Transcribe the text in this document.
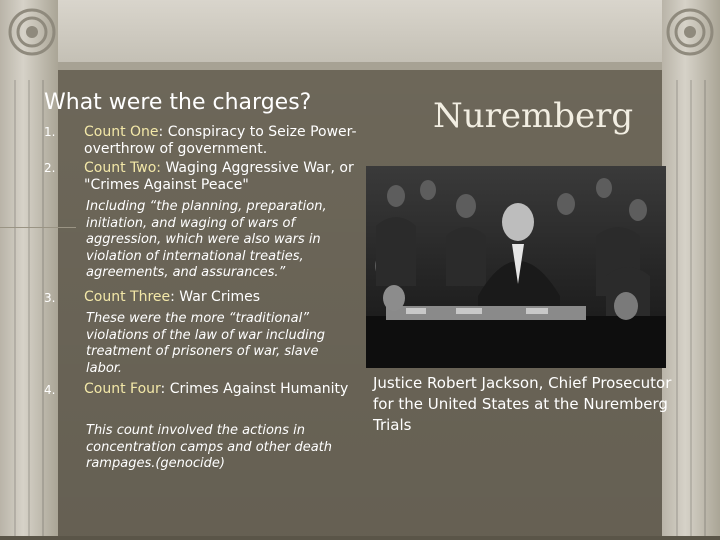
What were the charges?	Nuremberg
1. Count One: Conspiracy to Seize Power-overthrow of government.
2. Count Two: Waging Aggressive War, or "Crimes Against Peace"
Including “the planning, preparation, initiation, and waging of wars of aggression, which were also wars in violation of international treaties, agreements, and assurances.”
3. Count Three: War Crimes
These were the more “traditional” violations of the law of war including treatment of prisoners of war, slave labor.
4. Count Four: Crimes Against Humanity
This count involved the actions in concentration camps and other death rampages.(genocide)

Justice Robert Jackson, Chief Prosecutor for the United States at the Nuremberg Trials
